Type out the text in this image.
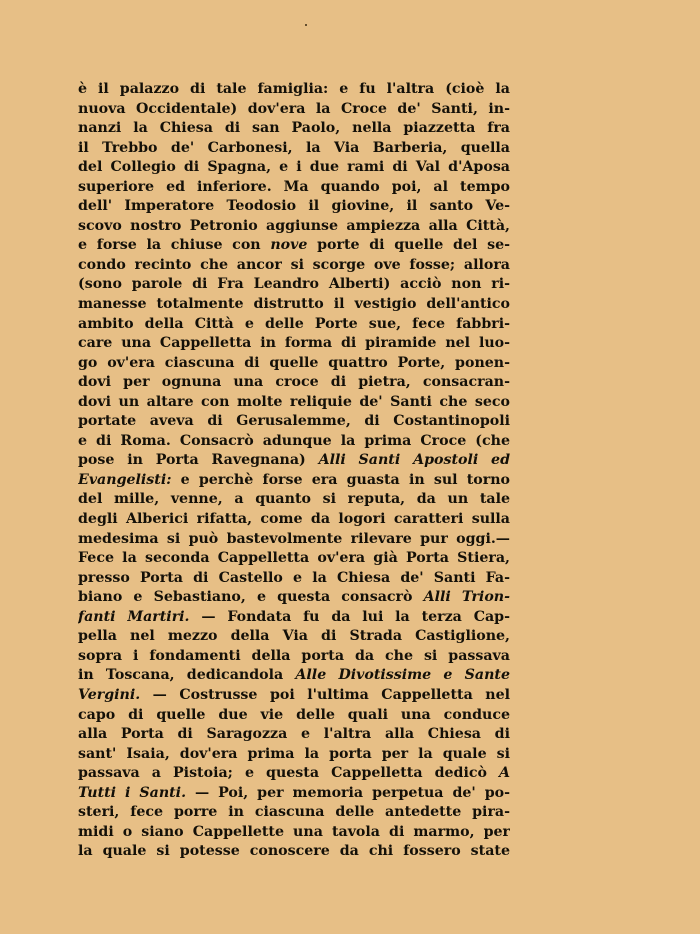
è il palazzo di tale famiglia: e fu l'altra (cioè la
nuova Occidentale) dov'era la Croce de' Santi, in-
nanzi la Chiesa di san Paolo, nella piazzetta fra
il Trebbo de' Carbonesi, la Via Barberia, quella
del Collegio di Spagna, e i due rami di Val d'Aposa
superiore ed inferiore. Ma quando poi, al tempo
dell' Imperatore Teodosio il giovine, il santo Ve-
scovo nostro Petronio aggiunse ampiezza alla Città,
e forse la chiuse con nove porte di quelle del se-
condo recinto che ancor si scorge ove fosse; allora
(sono parole di Fra Leandro Alberti) acciò non ri-
manesse totalmente distrutto il vestigio dell'antico
ambito della Città e delle Porte sue, fece fabbri-
care una Cappelletta in forma di piramide nel luo-
go ov'era ciascuna di quelle quattro Porte, ponen-
dovi per ognuna una croce di pietra, consacran-
dovi un altare con molte reliquie de' Santi che seco
portate aveva di Gerusalemme, di Costantinopoli
e di Roma. Consacrò adunque la prima Croce (che
pose in Porta Ravegnana) Alli Santi Apostoli ed
Evangelisti: e perchè forse era guasta in sul torno
del mille, venne, a quanto si reputa, da un tale
degli Alberici rifatta, come da logori caratteri sulla
medesima si può bastevolmente rilevare pur oggi.—
Fece la seconda Cappelletta ov'era già Porta Stiera,
presso Porta di Castello e la Chiesa de' Santi Fa-
biano e Sebastiano, e questa consacrò Alli Trion-
fanti Martiri. — Fondata fu da lui la terza Cap-
pella nel mezzo della Via di Strada Castiglione,
sopra i fondamenti della porta da che si passava
in Toscana, dedicandola Alle Divotissime e Sante
Vergini. — Costrusse poi l'ultima Cappelletta nel
capo di quelle due vie delle quali una conduce
alla Porta di Saragozza e l'altra alla Chiesa di
sant' Isaia, dov'era prima la porta per la quale si
passava a Pistoia; e questa Cappelletta dedicò A
Tutti i Santi. — Poi, per memoria perpetua de' po-
steri, fece porre in ciascuna delle antedette pira-
midi o siano Cappellette una tavola di marmo, per
la quale si potesse conoscere da chi fossero state
